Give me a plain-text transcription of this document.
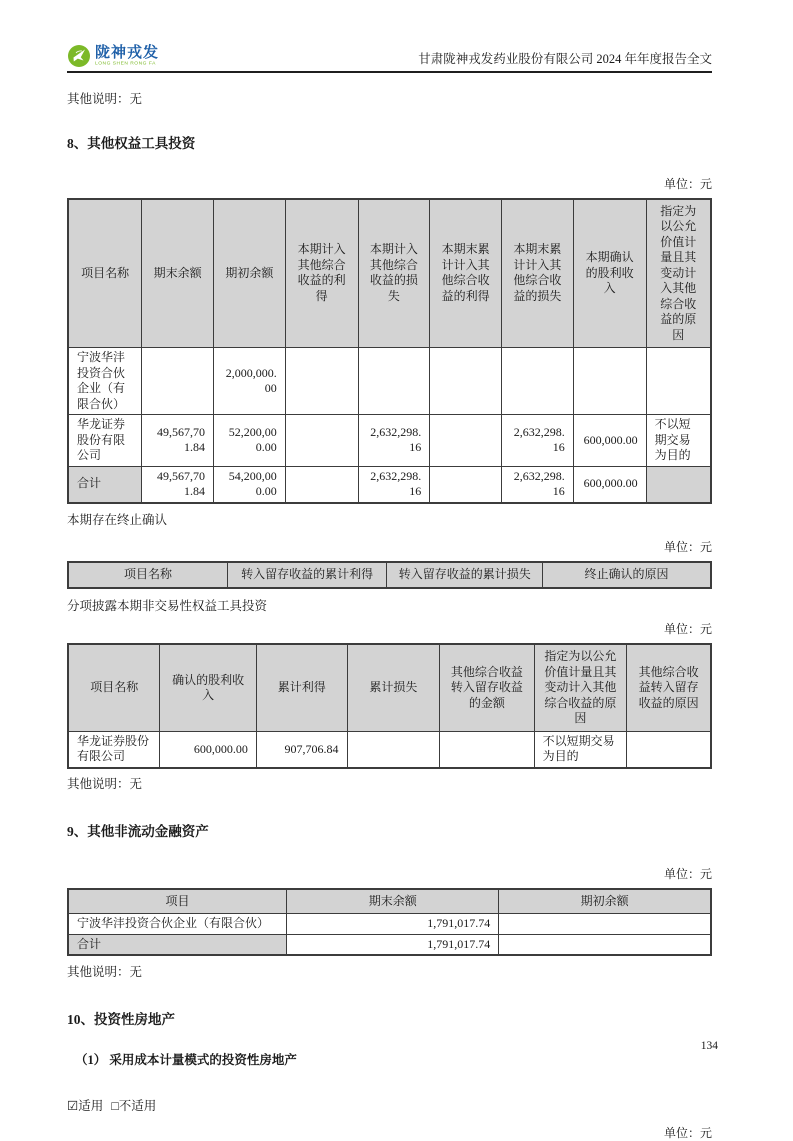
陇神戎发
LONG SHEN RONG FA	甘肃陇神戎发药业股份有限公司 2024 年年度报告全文

其他说明：无

8、其他权益工具投资

单位：元

项目名称	期末余额	期初余额	本期计入其他综合收益的利得	本期计入其他综合收益的损失	本期末累计计入其他综合收益的利得	本期末累计计入其他综合收益的损失	本期确认的股利收入	指定为以公允价值计量且其变动计入其他综合收益的原因
宁波华沣投资合伙企业（有限合伙）		2,000,000.00						
华龙证券股份有限公司	49,567,701.84	52,200,000.00		2,632,298.16		2,632,298.16	600,000.00	不以短期交易为目的
合计	49,567,701.84	54,200,000.00		2,632,298.16		2,632,298.16	600,000.00	

本期存在终止确认

单位：元

项目名称	转入留存收益的累计利得	转入留存收益的累计损失	终止确认的原因

分项披露本期非交易性权益工具投资

单位：元

项目名称	确认的股利收入	累计利得	累计损失	其他综合收益转入留存收益的金额	指定为以公允价值计量且其变动计入其他综合收益的原因	其他综合收益转入留存收益的原因
华龙证券股份有限公司	600,000.00	907,706.84			不以短期交易为目的	

其他说明：无

9、其他非流动金融资产

单位：元

项目	期末余额	期初余额
宁波华沣投资合伙企业（有限合伙）	1,791,017.74	
合计	1,791,017.74	

其他说明：无

10、投资性房地产

（1） 采用成本计量模式的投资性房地产

☑适用 □不适用

单位：元

134
